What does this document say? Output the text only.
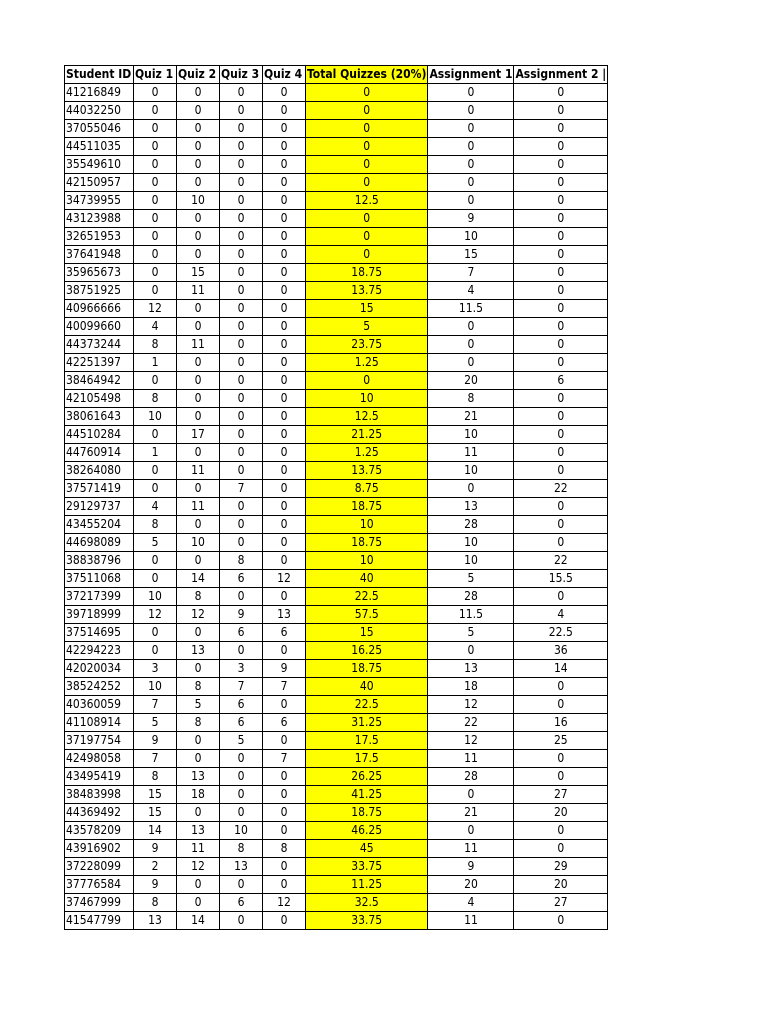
Student ID	Quiz 1	Quiz 2	Quiz 3	Quiz 4	Total Quizzes (20%)	Assignment 1	Assignment 2 |
41216849	0	0	0	0	0	0	0
44032250	0	0	0	0	0	0	0
37055046	0	0	0	0	0	0	0
44511035	0	0	0	0	0	0	0
35549610	0	0	0	0	0	0	0
42150957	0	0	0	0	0	0	0
34739955	0	10	0	0	12.5	0	0
43123988	0	0	0	0	0	9	0
32651953	0	0	0	0	0	10	0
37641948	0	0	0	0	0	15	0
35965673	0	15	0	0	18.75	7	0
38751925	0	11	0	0	13.75	4	0
40966666	12	0	0	0	15	11.5	0
40099660	4	0	0	0	5	0	0
44373244	8	11	0	0	23.75	0	0
42251397	1	0	0	0	1.25	0	0
38464942	0	0	0	0	0	20	6
42105498	8	0	0	0	10	8	0
38061643	10	0	0	0	12.5	21	0
44510284	0	17	0	0	21.25	10	0
44760914	1	0	0	0	1.25	11	0
38264080	0	11	0	0	13.75	10	0
37571419	0	0	7	0	8.75	0	22
29129737	4	11	0	0	18.75	13	0
43455204	8	0	0	0	10	28	0
44698089	5	10	0	0	18.75	10	0
38838796	0	0	8	0	10	10	22
37511068	0	14	6	12	40	5	15.5
37217399	10	8	0	0	22.5	28	0
39718999	12	12	9	13	57.5	11.5	4
37514695	0	0	6	6	15	5	22.5
42294223	0	13	0	0	16.25	0	36
42020034	3	0	3	9	18.75	13	14
38524252	10	8	7	7	40	18	0
40360059	7	5	6	0	22.5	12	0
41108914	5	8	6	6	31.25	22	16
37197754	9	0	5	0	17.5	12	25
42498058	7	0	0	7	17.5	11	0
43495419	8	13	0	0	26.25	28	0
38483998	15	18	0	0	41.25	0	27
44369492	15	0	0	0	18.75	21	20
43578209	14	13	10	0	46.25	0	0
43916902	9	11	8	8	45	11	0
37228099	2	12	13	0	33.75	9	29
37776584	9	0	0	0	11.25	20	20
37467999	8	0	6	12	32.5	4	27
41547799	13	14	0	0	33.75	11	0
